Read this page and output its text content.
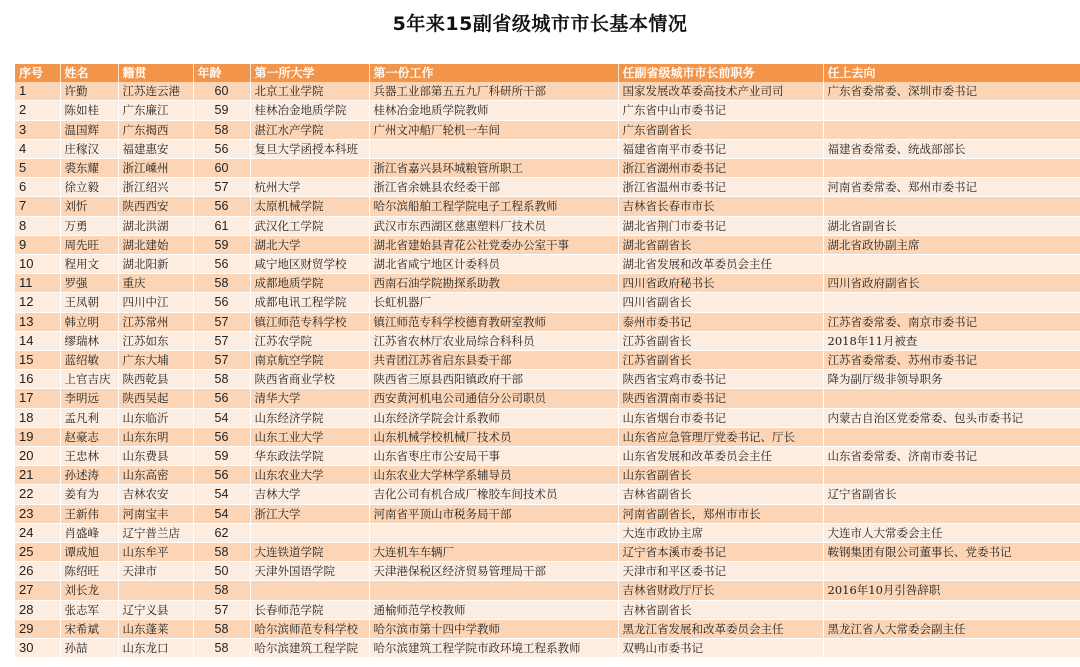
5年来15副省级城市市长基本情况
序号	姓名	籍贯	年龄	第一所大学	第一份工作	任副省级城市市长前职务	任上去向
1	许勤	江苏连云港	60	北京工业学院	兵器工业部第五五九厂科研所干部	国家发展改革委高技术产业司司	广东省委常委、深圳市委书记
2	陈如桂	广东廉江	59	桂林冶金地质学院	桂林冶金地质学院教师	广东省中山市委书记	
3	温国辉	广东揭西	58	湛江水产学院	广州文冲船厂轮机一车间	广东省副省长	
4	庄稼汉	福建惠安	56	复旦大学函授本科班		福建省南平市委书记	福建省委常委、统战部部长
5	裘东耀	浙江嵊州	60		浙江省嘉兴县环城粮管所职工	浙江省湖州市委书记	
6	徐立毅	浙江绍兴	57	杭州大学	浙江省余姚县农经委干部	浙江省温州市委书记	河南省委常委、郑州市委书记
7	刘忻	陕西西安	56	太原机械学院	哈尔滨船舶工程学院电子工程系教师	吉林省长春市市长	
8	万勇	湖北洪湖	61	武汉化工学院	武汉市东西湖区慈惠塑料厂技术员	湖北省荆门市委书记	湖北省副省长
9	周先旺	湖北建始	59	湖北大学	湖北省建始县青花公社党委办公室干事	湖北省副省长	湖北省政协副主席
10	程用文	湖北阳新	56	咸宁地区财贸学校	湖北省咸宁地区计委科员	湖北省发展和改革委员会主任	
11	罗强	重庆	58	成都地质学院	西南石油学院勘探系助教	四川省政府秘书长	四川省政府副省长
12	王凤朝	四川中江	56	成都电讯工程学院	长虹机器厂	四川省副省长	
13	韩立明	江苏常州	57	镇江师范专科学校	镇江师范专科学校德育教研室教师	泰州市委书记	江苏省委常委、南京市委书记
14	缪瑞林	江苏如东	57	江苏农学院	江苏省农林厅农业局综合科科员	江苏省副省长	2018年11月被查
15	蓝绍敏	广东大埔	57	南京航空学院	共青团江苏省启东县委干部	江苏省副省长	江苏省委常委、苏州市委书记
16	上官吉庆	陕西乾县	58	陕西省商业学校	陕西省三原县西阳镇政府干部	陕西省宝鸡市委书记	降为副厅级非领导职务
17	李明远	陕西吴起	56	清华大学	西安黄河机电公司通信分公司职员	陕西省渭南市委书记	
18	孟凡利	山东临沂	54	山东经济学院	山东经济学院会计系教师	山东省烟台市委书记	内蒙古自治区党委常委、包头市委书记
19	赵豪志	山东东明	56	山东工业大学	山东机械学校机械厂技术员	山东省应急管理厅党委书记、厅长	
20	王忠林	山东费县	59	华东政法学院	山东省枣庄市公安局干事	山东省发展和改革委员会主任	山东省委常委、济南市委书记
21	孙述涛	山东高密	56	山东农业大学	山东农业大学林学系辅导员	山东省副省长	
22	姜有为	吉林农安	54	吉林大学	吉化公司有机合成厂橡胶车间技术员	吉林省副省长	辽宁省副省长
23	王新伟	河南宝丰	54	浙江大学	河南省平顶山市税务局干部	河南省副省长，郑州市市长	
24	肖盛峰	辽宁普兰店	62			大连市政协主席	大连市人大常委会主任
25	谭成旭	山东牟平	58	大连铁道学院	大连机车车辆厂	辽宁省本溪市委书记	鞍钢集团有限公司董事长、党委书记
26	陈绍旺	天津市	50	天津外国语学院	天津港保税区经济贸易管理局干部	天津市和平区委书记	
27	刘长龙		58			吉林省财政厅厅长	2016年10月引咎辞职
28	张志军	辽宁义县	57	长春师范学院	通榆师范学校教师	吉林省副省长	
29	宋希斌	山东蓬莱	58	哈尔滨师范专科学校	哈尔滨市第十四中学教师	黑龙江省发展和改革委员会主任	黑龙江省人大常委会副主任
30	孙喆	山东龙口	58	哈尔滨建筑工程学院	哈尔滨建筑工程学院市政环境工程系教师	双鸭山市委书记	
